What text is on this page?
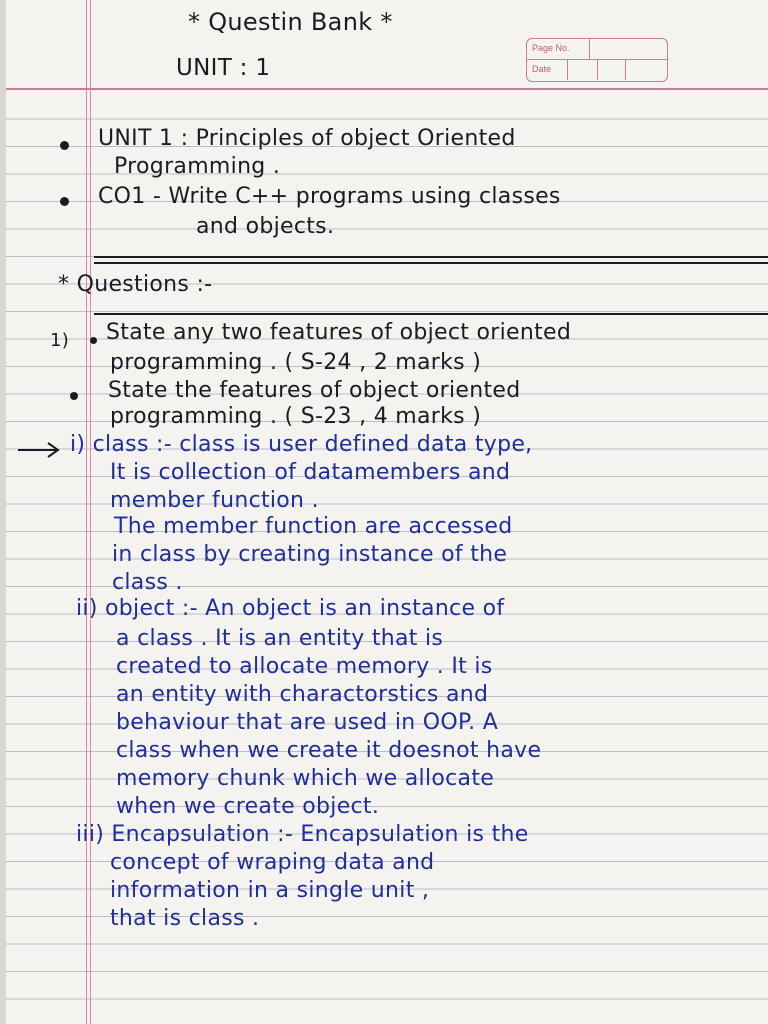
Page No.
Date
* Questin Bank *
UNIT : 1
UNIT 1 : Principles of object Oriented
Programming .
CO1 - Write C++ programs using classes
and objects.
* Questions :-
1) State any two features of object oriented
programming . ( S-24 , 2 marks )
State the features of object oriented
programming . ( S-23 , 4 marks )
i) class :- class is user defined data type,
It is collection of datamembers and
member function .
The member function are accessed
in class by creating instance of the
class .
ii) object :- An object is an instance of
a class . It is an entity that is
created to allocate memory . It is
an entity with charactorstics and
behaviour that are used in OOP. A
class when we create it doesnot have
memory chunk which we allocate
when we create object.
iii) Encapsulation :- Encapsulation is the
concept of wraping data and
information in a single unit ,
that is class .
